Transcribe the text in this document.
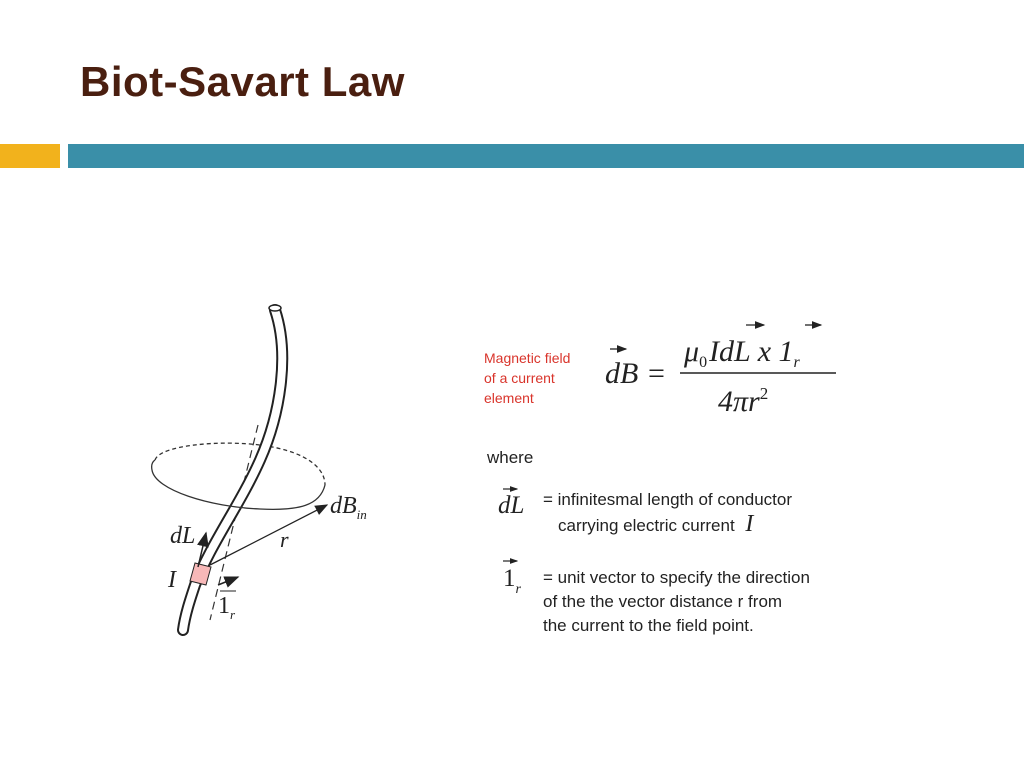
Biot-Savart Law
dL
I
r
$dB_{in}$
$1_r$
Magnetic field
of a current
element
dB =
$\mu_0IdL$ x $1_r$
$4\pi r^2$
where
dL = infinitesmal length of conductor
carrying electric current I
$1_r$
= unit vector to specify the direction
of the the vector distance r from
the current to the field point.
